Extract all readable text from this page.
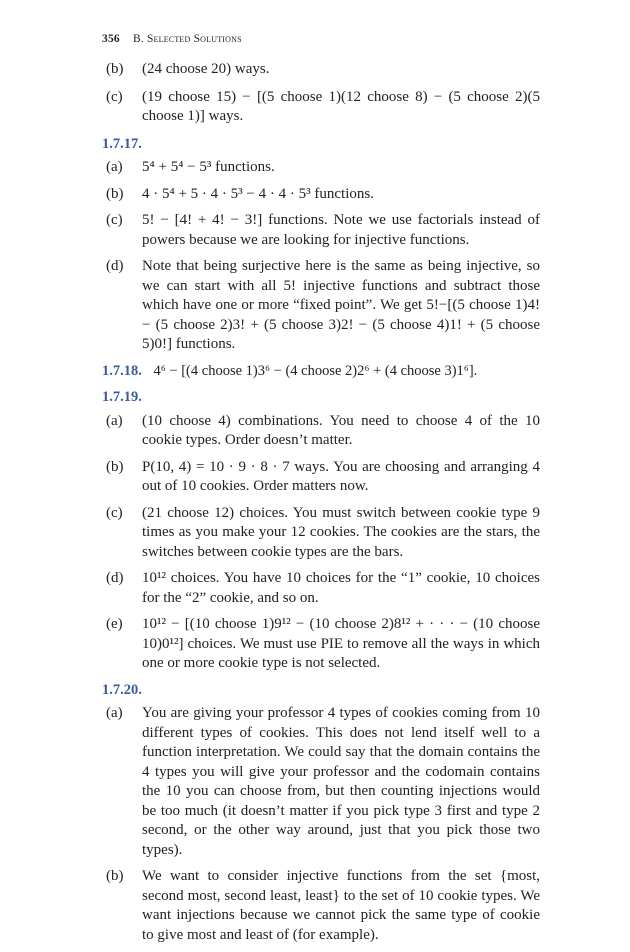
356 B. Selected Solutions
(b)	(24 choose 20) ways.
(c)	(19 choose 15) − [(5 choose 1)(12 choose 8) − (5 choose 2)(5 choose 1)] ways.
1.7.17.
(a)	5⁴ + 5⁴ − 5³ functions.
(b)	4 · 5⁴ + 5 · 4 · 5³ − 4 · 4 · 5³ functions.
(c)	5! − [4! + 4! − 3!] functions. Note we use factorials instead of powers because we are looking for injective functions.
(d)	Note that being surjective here is the same as being injective, so we can start with all 5! injective functions and subtract those which have one or more “fixed point”. We get 5!−[(5 choose 1)4! − (5 choose 2)3! + (5 choose 3)2! − (5 choose 4)1! + (5 choose 5)0!] functions.
1.7.18. 4⁶ − [(4 choose 1)3⁶ − (4 choose 2)2⁶ + (4 choose 3)1⁶].
1.7.19.
(a)	(10 choose 4) combinations. You need to choose 4 of the 10 cookie types. Order doesn’t matter.
(b)	P(10, 4) = 10 · 9 · 8 · 7 ways. You are choosing and arranging 4 out of 10 cookies. Order matters now.
(c)	(21 choose 12) choices. You must switch between cookie type 9 times as you make your 12 cookies. The cookies are the stars, the switches between cookie types are the bars.
(d)	10¹² choices. You have 10 choices for the “1” cookie, 10 choices for the “2” cookie, and so on.
(e)	10¹² − [(10 choose 1)9¹² − (10 choose 2)8¹² + · · · − (10 choose 10)0¹²] choices. We must use PIE to remove all the ways in which one or more cookie type is not selected.
1.7.20.
(a)	You are giving your professor 4 types of cookies coming from 10 different types of cookies. This does not lend itself well to a function interpretation. We could say that the domain contains the 4 types you will give your professor and the codomain contains the 10 you can choose from, but then counting injections would be too much (it doesn’t matter if you pick type 3 first and type 2 second, or the other way around, just that you pick those two types).
(b)	We want to consider injective functions from the set {most, second most, second least, least} to the set of 10 cookie types. We want injections because we cannot pick the same type of cookie to give most and least of (for example).
